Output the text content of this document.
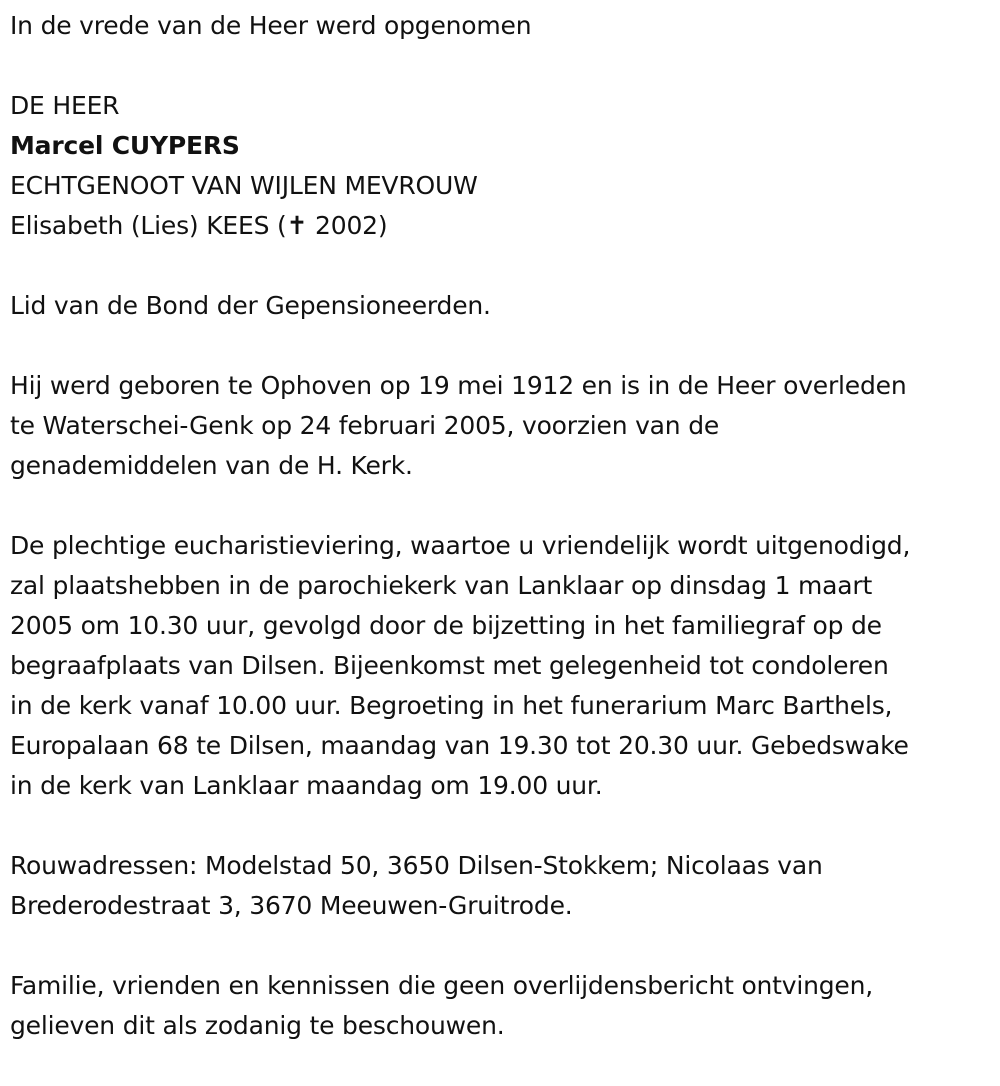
In de vrede van de Heer werd opgenomen
DE HEER
Marcel CUYPERS
ECHTGENOOT VAN WIJLEN MEVROUW
Elisabeth (Lies) KEES (✝ 2002)
Lid van de Bond der Gepensioneerden.
Hij werd geboren te Ophoven op 19 mei 1912 en is in de Heer overleden
te Waterschei-Genk op 24 februari 2005, voorzien van de
genademiddelen van de H. Kerk.
De plechtige eucharistieviering, waartoe u vriendelijk wordt uitgenodigd,
zal plaatshebben in de parochiekerk van Lanklaar op dinsdag 1 maart
2005 om 10.30 uur, gevolgd door de bijzetting in het familiegraf op de
begraafplaats van Dilsen. Bijeenkomst met gelegenheid tot condoleren
in de kerk vanaf 10.00 uur. Begroeting in het funerarium Marc Barthels,
Europalaan 68 te Dilsen, maandag van 19.30 tot 20.30 uur. Gebedswake
in de kerk van Lanklaar maandag om 19.00 uur.
Rouwadressen: Modelstad 50, 3650 Dilsen-Stokkem; Nicolaas van
Brederodestraat 3, 3670 Meeuwen-Gruitrode.
Familie, vrienden en kennissen die geen overlijdensbericht ontvingen,
gelieven dit als zodanig te beschouwen.
